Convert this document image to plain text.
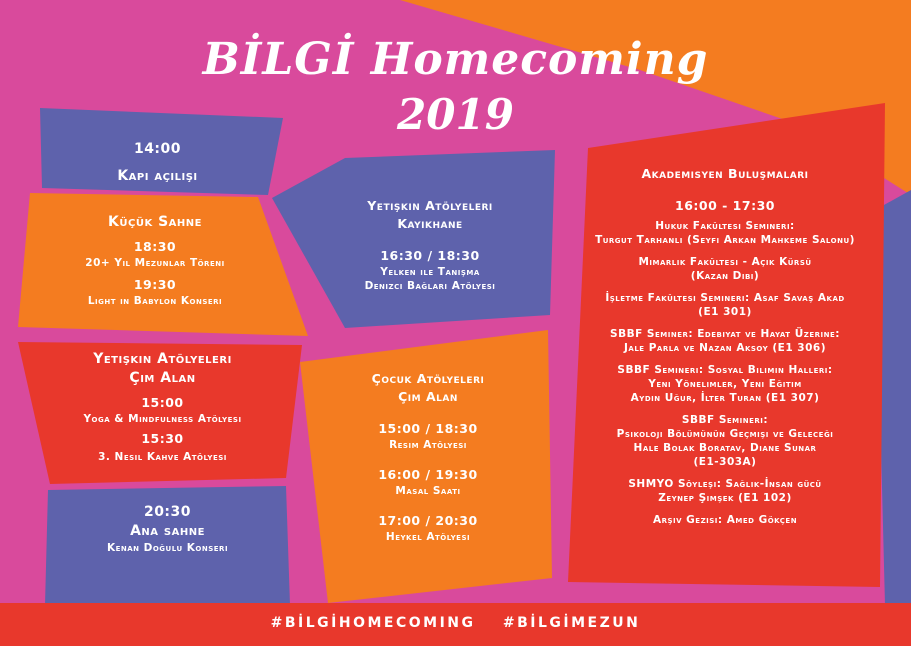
BİLGİ Homecoming
2019
14:00
Kapı açılışı
Küçük Sahne
18:30
20+ Yıl Mezunlar Töreni
19:30
Light in Babylon Konseri
Yetişkin Atölyeleri
Kayıkhane
16:30 / 18:30
Yelken ile Tanışma
Denizci Bağları Atölyesi
Yetişkin Atölyeleri
Çim Alan
15:00
Yoga & Mindfulness Atölyesi
15:30
3. Nesil Kahve Atölyesi
20:30
Ana sahne
Kenan Doğulu Konseri
Çocuk Atölyeleri
Çim Alan
15:00 / 18:30
Resim Atölyesi
16:00 / 19:30
Masal Saati
17:00 / 20:30
Heykel Atölyesi
Akademisyen Buluşmaları
16:00 - 17:30
Hukuk Fakültesi Semineri:
Turgut Tarhanlı (Seyfi Arkan Mahkeme Salonu)
Mimarlık Fakültesi - Açık Kürsü
(Kazan Dibi)
İşletme Fakültesi Semineri: Asaf Savaş Akad
(E1 301)
SBBF Seminer: Edebiyat ve Hayat Üzerine:
Jale Parla ve Nazan Aksoy (E1 306)
SBBF Semineri: Sosyal Bilimin Halleri:
Yeni Yönelimler, Yeni Eğitim
Aydın Uğur, İlter Turan (E1 307)
SBBF Semineri:
Psikoloji Bölümünün Geçmişi ve Geleceği
Hale Bolak Boratav, Diane Sunar
(E1-303A)
SHMYO Söyleşi: Sağlık-İnsan gücü
Zeynep Şimşek (E1 102)
Arşiv Gezisi: Amed Gökçen
#BİLGİHOMECOMING #BİLGİMEZUN
